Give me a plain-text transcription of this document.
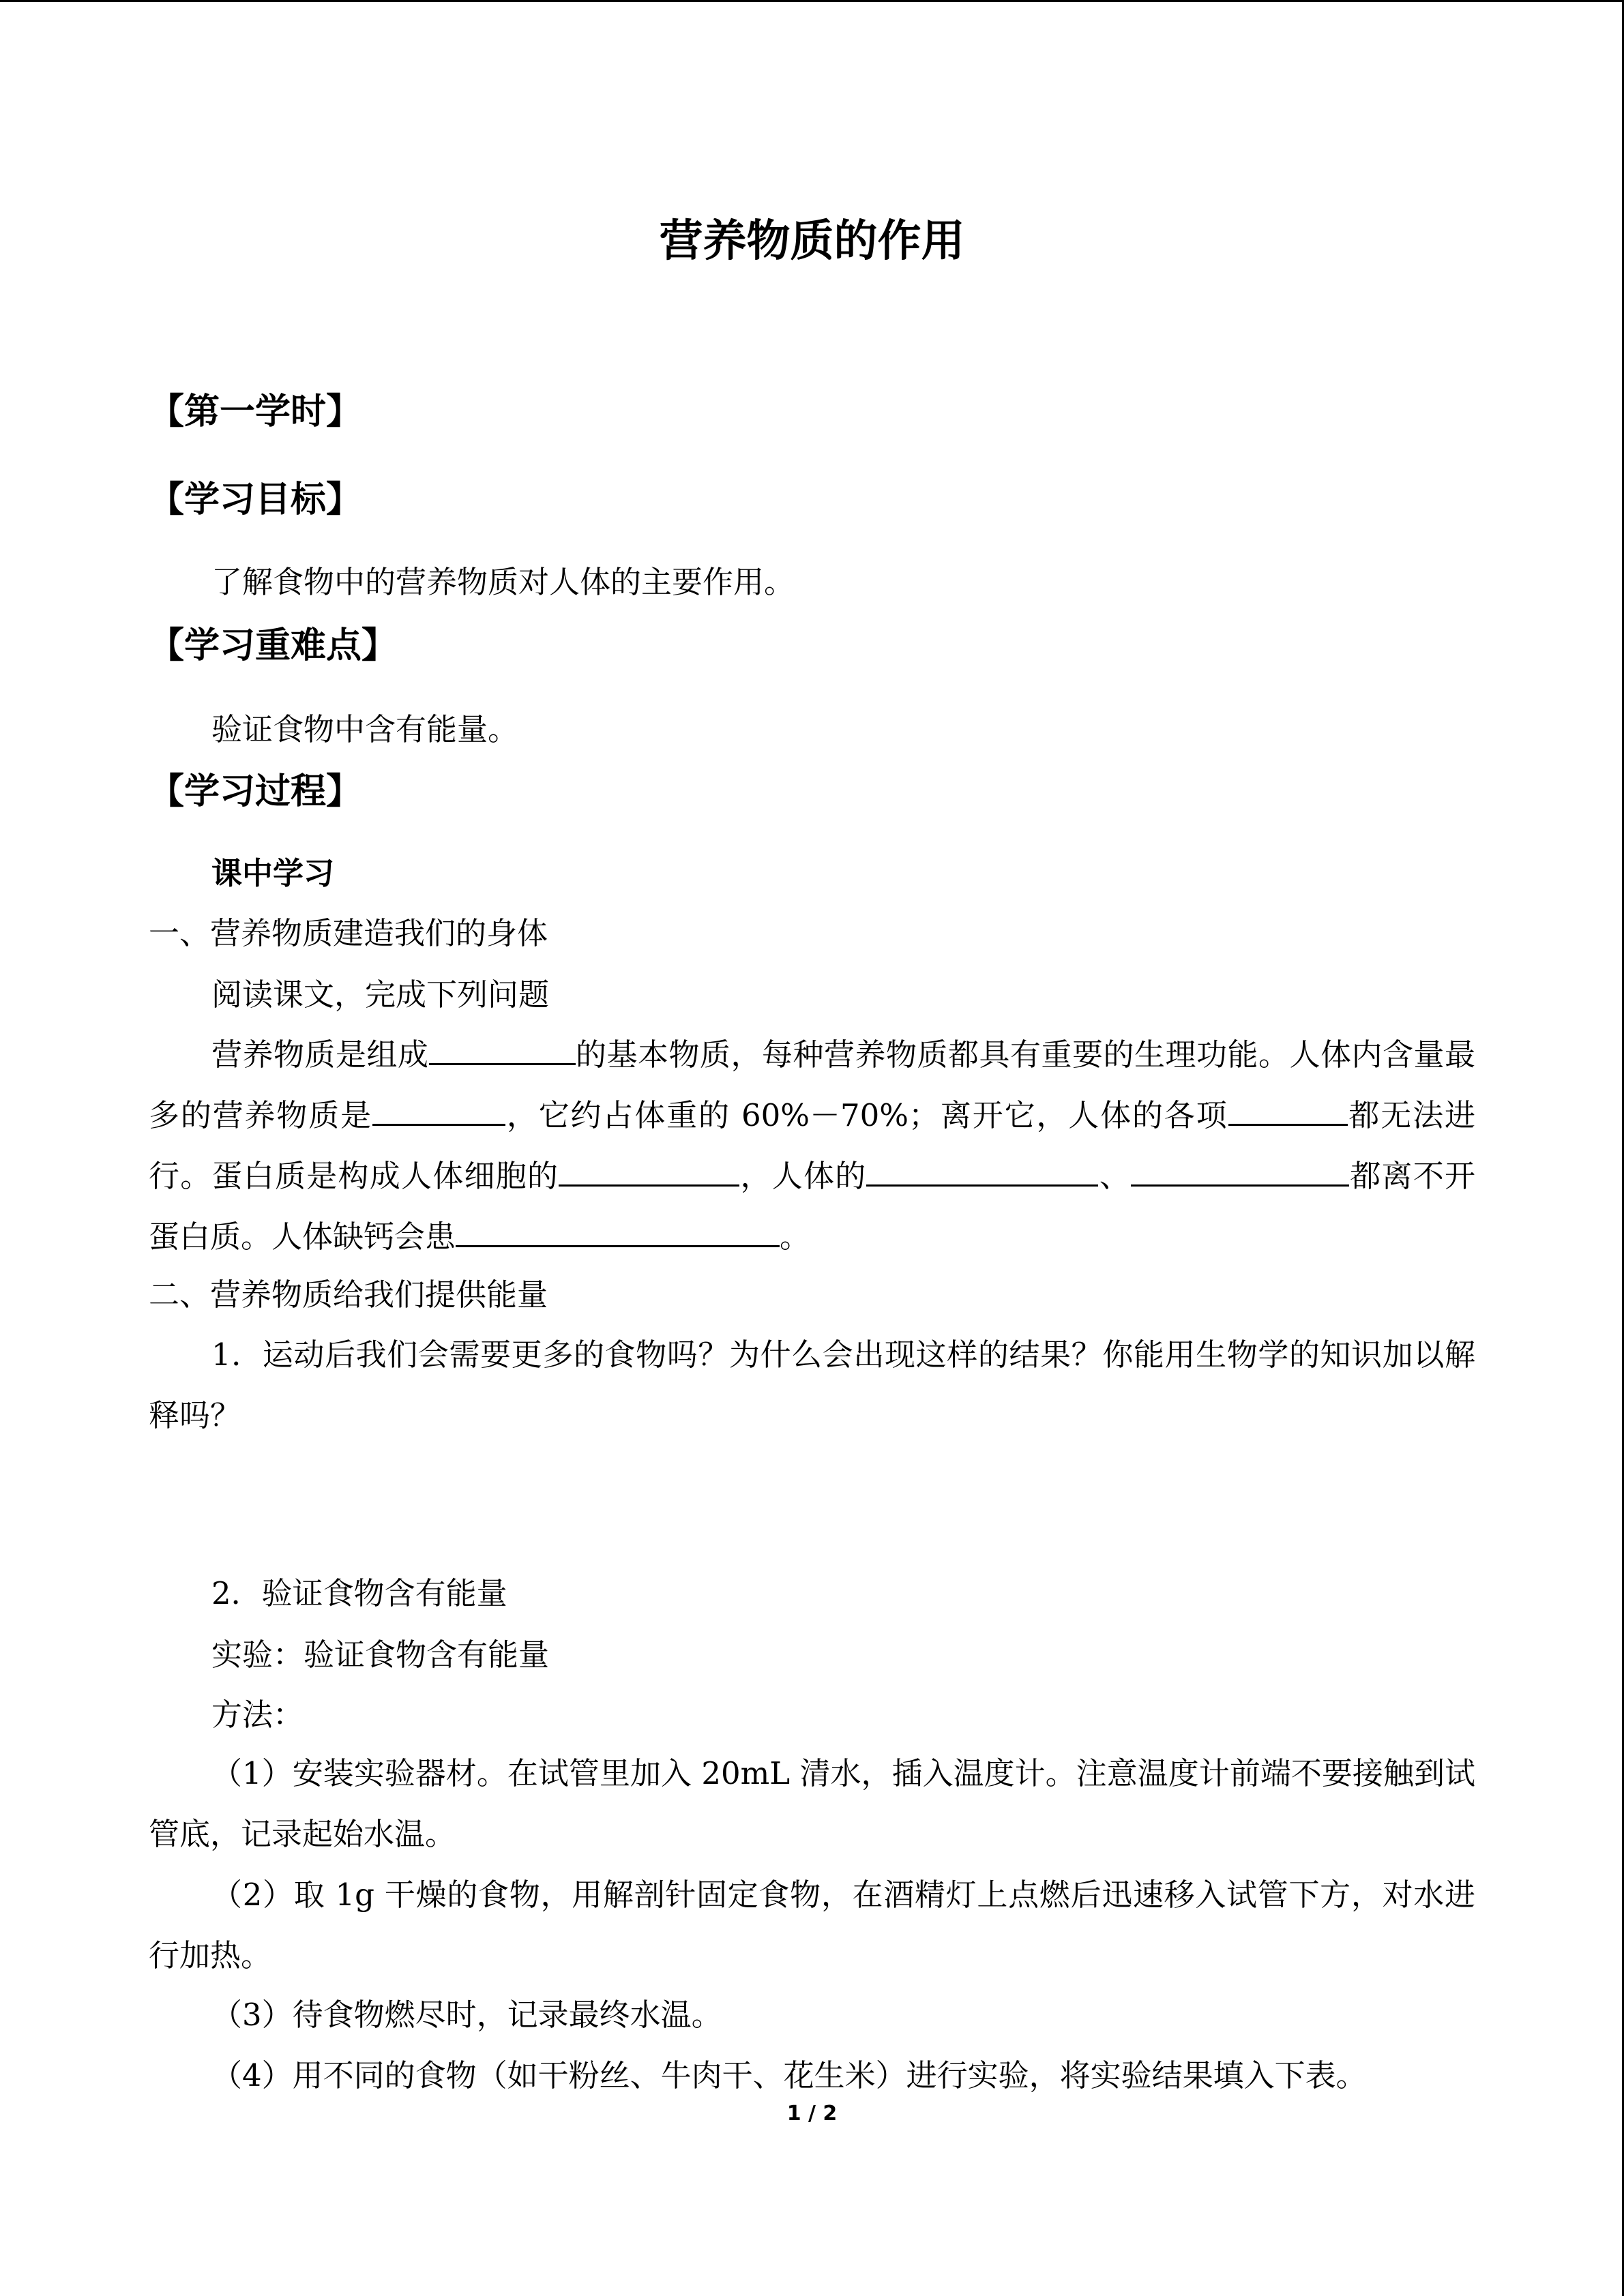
营养物质的作用
【第一学时】
【学习目标】
了解食物中的营养物质对人体的主要作用。
【学习重难点】
验证食物中含有能量。
【学习过程】
课中学习
一、营养物质建造我们的身体
阅读课文，完成下列问题
营养物质是组成	的基本物质，每种营养物质都具有重要的生理功能。人体内含量最多的营养物质是	，它约占体重的 60%－70%；离开它，人体的各项	都无法进行。蛋白质是构成人体细胞的	，人体的	、	都离不开蛋白质。人体缺钙会患	。
二、营养物质给我们提供能量
1．运动后我们会需要更多的食物吗？为什么会出现这样的结果？你能用生物学的知识加以解释吗？
2．验证食物含有能量
实验：验证食物含有能量
方法：
（1）安装实验器材。在试管里加入 20mL 清水，插入温度计。注意温度计前端不要接触到试管底，记录起始水温。
（2）取 1g 干燥的食物，用解剖针固定食物，在酒精灯上点燃后迅速移入试管下方，对水进行加热。
（3）待食物燃尽时，记录最终水温。
（4）用不同的食物（如干粉丝、牛肉干、花生米）进行实验，将实验结果填入下表。
1 / 2
